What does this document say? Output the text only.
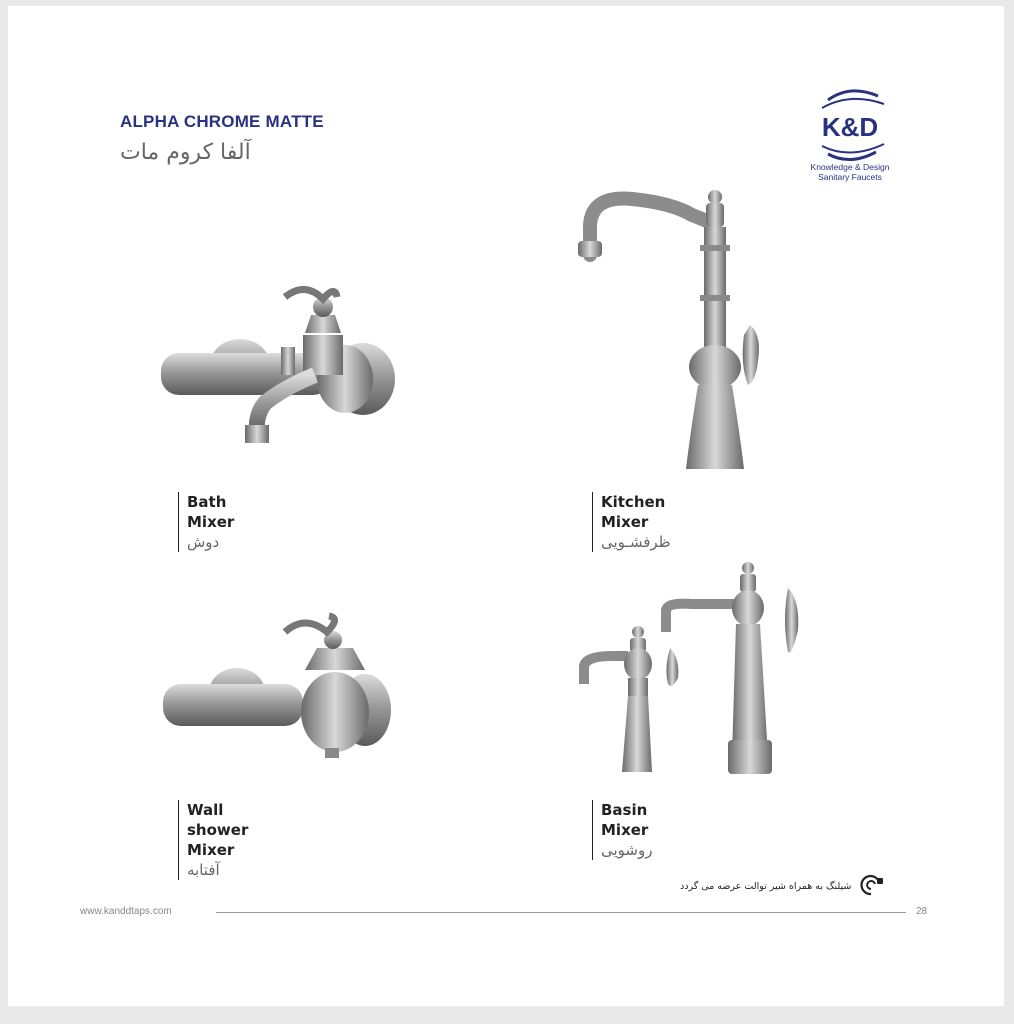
ALPHA CHROME MATTE
آلفا کروم مات
K&D
Knowledge & Design
Sanitary Faucets
Bath Mixer
دوش
Kitchen Mixer
ظرفشـویی
Wall shower Mixer
آفتابه
Basin Mixer
روشویی
شیلنگ به همراه شیر توالت عرضه می گردد
www.kanddtaps.com	28
